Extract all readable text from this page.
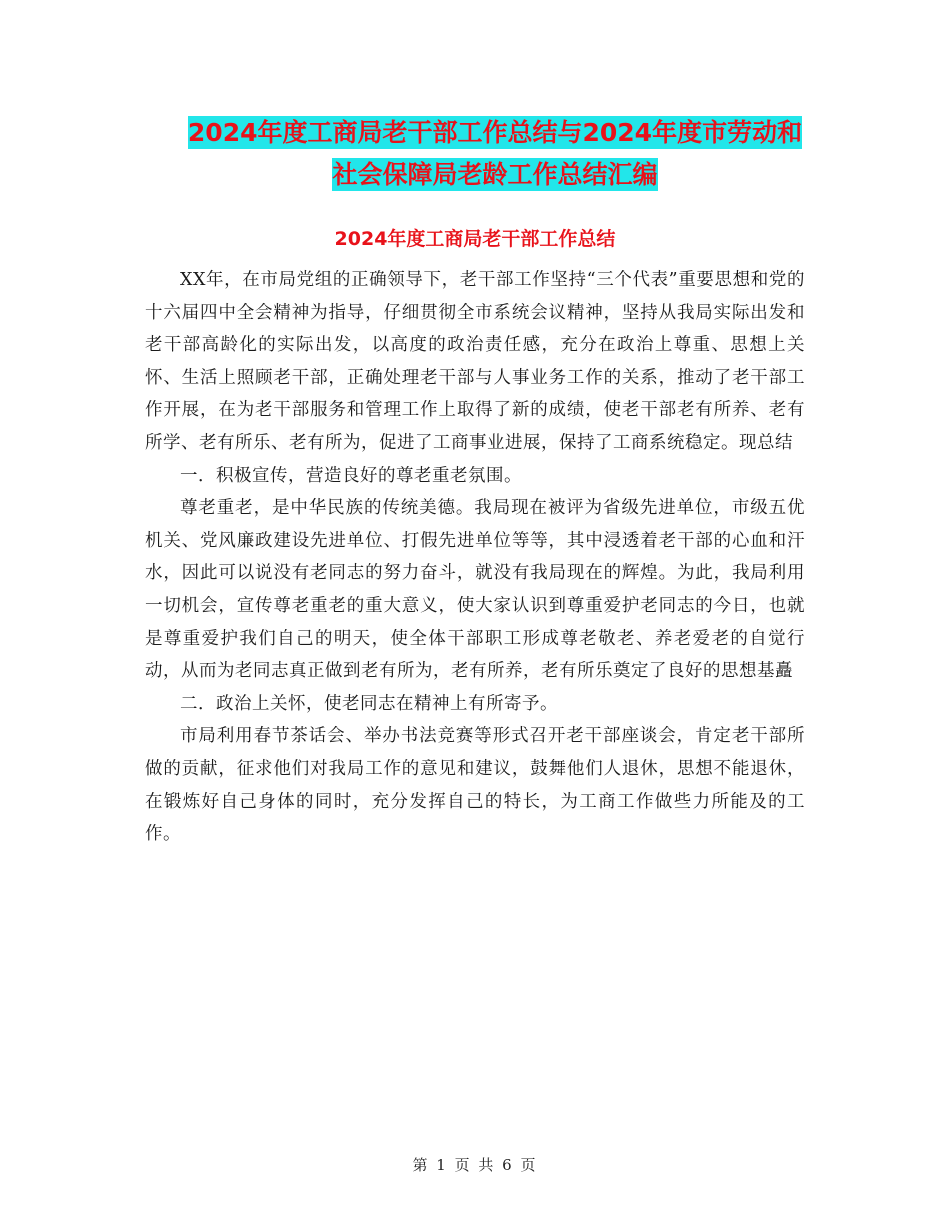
2024年度工商局老干部工作总结与2024年度市劳动和
社会保障局老龄工作总结汇编
2024年度工商局老干部工作总结

XX年，在市局党组的正确领导下，老干部工作坚持“三个代表”重要思想和党的十六届四中全会精神为指导，仔细贯彻全市系统会议精神，坚持从我局实际出发和老干部高龄化的实际出发，以高度的政治责任感，充分在政治上尊重、思想上关怀、生活上照顾老干部，正确处理老干部与人事业务工作的关系，推动了老干部工作开展，在为老干部服务和管理工作上取得了新的成绩，使老干部老有所养、老有所学、老有所乐、老有所为，促进了工商事业进展，保持了工商系统稳定。现总结

一．积极宣传，营造良好的尊老重老氛围。

尊老重老，是中华民族的传统美德。我局现在被评为省级先进单位，市级五优机关、党风廉政建设先进单位、打假先进单位等等，其中浸透着老干部的心血和汗水，因此可以说没有老同志的努力奋斗，就没有我局现在的辉煌。为此，我局利用一切机会，宣传尊老重老的重大意义，使大家认识到尊重爱护老同志的今日，也就是尊重爱护我们自己的明天，使全体干部职工形成尊老敬老、养老爱老的自觉行动，从而为老同志真正做到老有所为，老有所养，老有所乐奠定了良好的思想基矗

二．政治上关怀，使老同志在精神上有所寄予。

市局利用春节茶话会、举办书法竞赛等形式召开老干部座谈会，肯定老干部所做的贡献，征求他们对我局工作的意见和建议，鼓舞他们人退休，思想不能退休，在锻炼好自己身体的同时，充分发挥自己的特长，为工商工作做些力所能及的工作。

第 1 页 共 6 页
